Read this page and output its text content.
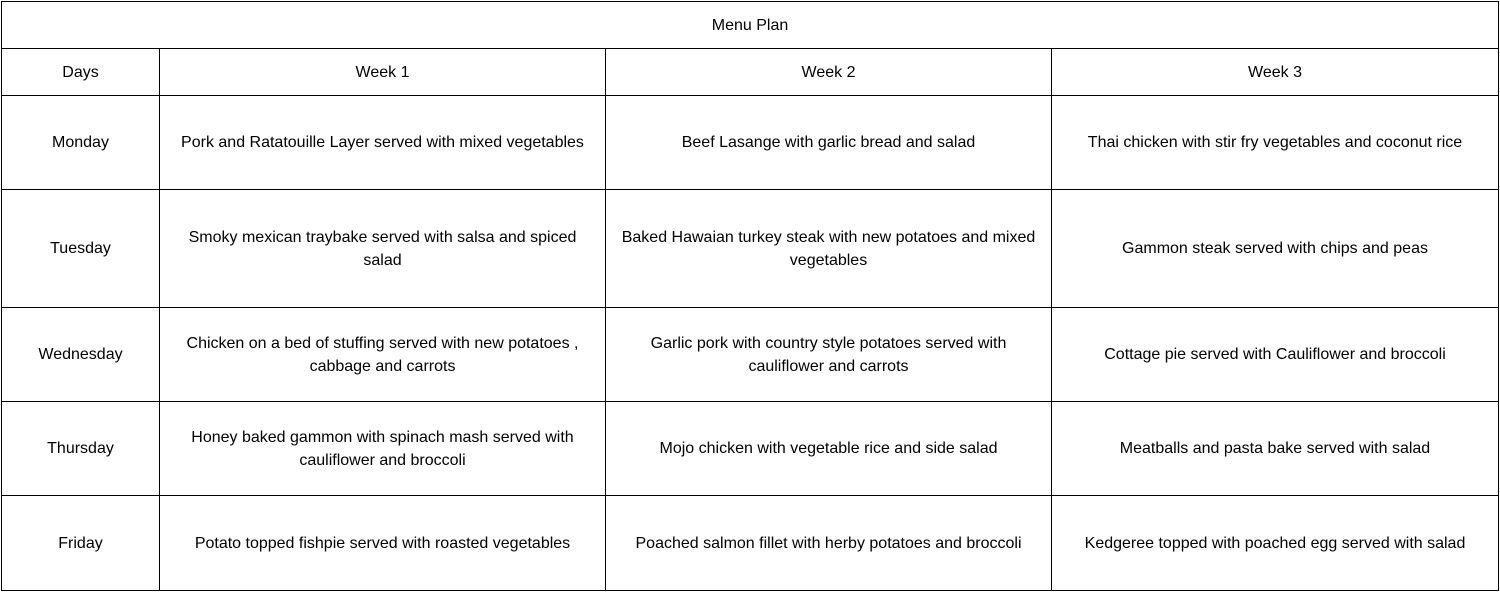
Menu Plan			
Days	Week 1	Week 2	Week 3
Monday	Pork and Ratatouille Layer served with mixed vegetables	Beef Lasange with garlic bread and salad	Thai chicken with stir fry vegetables and coconut rice
Tuesday	Smoky mexican traybake served with salsa and spiced salad	Baked Hawaian turkey steak with new potatoes and mixed vegetables	Gammon steak served with chips and peas
Wednesday	Chicken on a bed of stuffing served with new potatoes , cabbage and carrots	Garlic pork with country style potatoes served with cauliflower and carrots	Cottage pie served with Cauliflower and broccoli
Thursday	Honey baked gammon with spinach mash served with cauliflower and broccoli	Mojo chicken with vegetable rice and side salad	Meatballs and pasta bake served with salad
Friday	Potato topped fishpie served with roasted vegetables	Poached salmon fillet with herby potatoes and broccoli	Kedgeree topped with poached egg served with salad
